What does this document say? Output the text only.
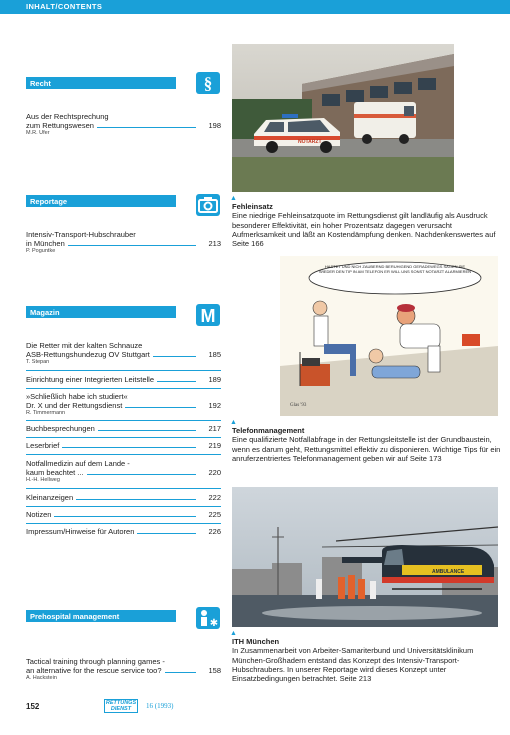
INHALT/CONTENTS
Recht	§
Aus der Rechtsprechung
zum Rettungswesen	198
M.R. Ufer
Reportage
Intensiv-Transport-Hubschrauber
in München	213
P. Poguntke
Magazin	M
Die Retter mit der kalten Schnauze
ASB-Rettungshundezug OV Stuttgart	185
T. Stepan
Einrichtung einer Integrierten Leitstelle	189
»Schließlich habe ich studiert«
Dr. X und der Rettungsdienst	192
R. Timmermann
Buchbesprechungen	217
Leserbrief	219
Notfallmedizin auf dem Lande -
kaum beachtet ...	220
H.-H. Hellweg
Kleinanzeigen	222
Notizen	225
Impressum/Hinweise für Autoren	226
Prehospital management
✱
Tactical training through planning games -
an alternative for the rescue service too?	158
A. Hackstein
NOTARZT
▲
Fehleinsatz
Eine niedrige Fehleinsatzquote im Rettungsdienst gilt landläufig als Ausdruck besonderer Effektivität, ein hoher Prozentsatz dagegen verursacht Aufmerksamkeit und läßt an Kostendämpfung denken. Nachdenkenswertes auf Seite 166
HASTET UND NICH ZAUBERND BERUHIGEND GERADEWEGS SAGEN SIE WIEDER DEN TIP IN AM TELEFON ER WILL UNS SONST NOTARZT ALARMIEREN
Glas '93
▲
Telefonmanagement
Eine qualifizierte Notfallabfrage in der Rettungsleitstelle ist der Grundbaustein, wenn es darum geht, Rettungsmittel effektiv zu disponieren. Wichtige Tips für ein anruferzentriertes Telefonmanagement geben wir auf Seite 173
AMBULANCE
▲
ITH München
In Zusammenarbeit von Arbeiter-Samariterbund und Universitätsklinikum München-Großhadern entstand das Konzept des Intensiv-Transport-Hubschraubers. In unserer Reportage wird dieses Konzept unter Einsatzbedingungen betrachtet. Seite 213
152	RETTUNGS DIENST	16 (1993)
